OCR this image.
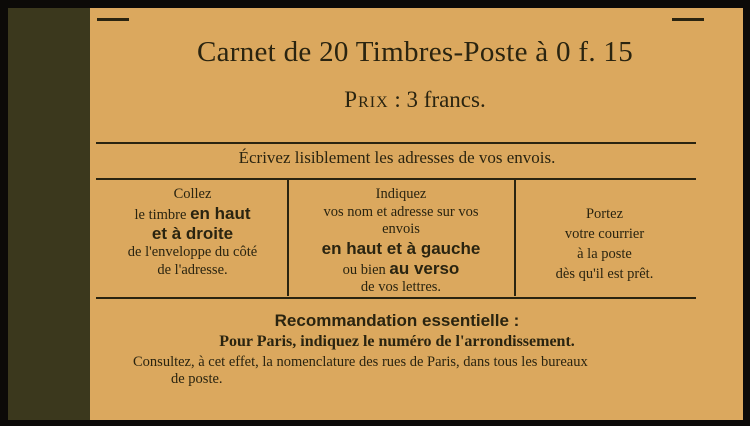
Carnet de 20 Timbres-Poste à 0 f. 15
Prix : 3 francs.
Écrivez lisiblement les adresses de vos envois.
Collez
le timbre en haut
et à droite
de l'enveloppe du côté
de l'adresse.
Indiquez
vos nom et adresse sur vos
envois
en haut et à gauche
ou bien au verso
de vos lettres.
Portez
votre courrier
à la poste
dès qu'il est prêt.
Recommandation essentielle :
Pour Paris, indiquez le numéro de l'arrondissement.
Consultez, à cet effet, la nomenclature des rues de Paris, dans tous les bureaux
de poste.
